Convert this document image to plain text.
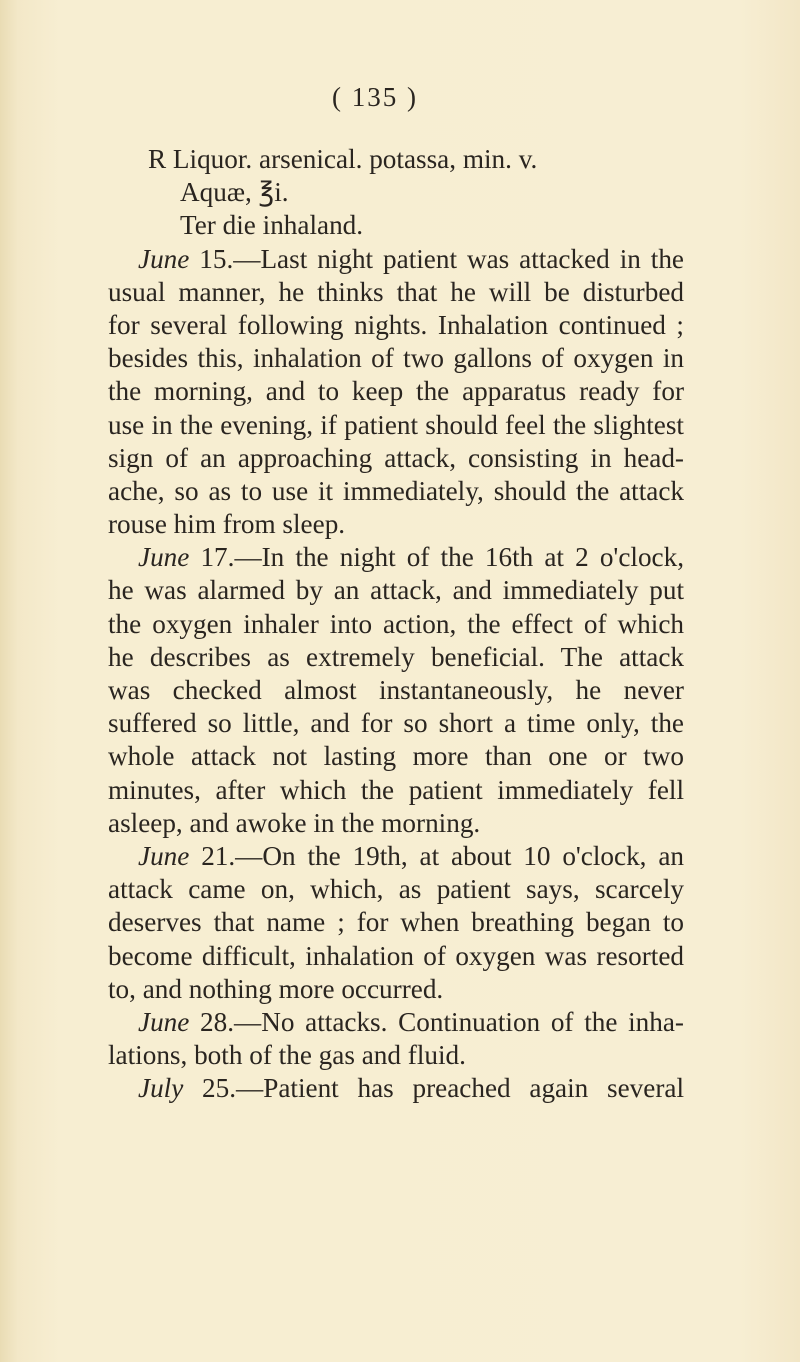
( 135 )
R Liquor. arsenical. potassa, min. v.
Aquæ, ℥i.
Ter die inhaland.
June 15.—Last night patient was attacked in the
usual manner, he thinks that he will be disturbed
for several following nights. Inhalation continued ;
besides this, inhalation of two gallons of oxygen in
the morning, and to keep the apparatus ready for
use in the evening, if patient should feel the slightest
sign of an approaching attack, consisting in head-
ache, so as to use it immediately, should the attack
rouse him from sleep.
June 17.—In the night of the 16th at 2 o'clock,
he was alarmed by an attack, and immediately put
the oxygen inhaler into action, the effect of which
he describes as extremely beneficial. The attack
was checked almost instantaneously, he never
suffered so little, and for so short a time only, the
whole attack not lasting more than one or two
minutes, after which the patient immediately fell
asleep, and awoke in the morning.
June 21.—On the 19th, at about 10 o'clock, an
attack came on, which, as patient says, scarcely
deserves that name ; for when breathing began to
become difficult, inhalation of oxygen was resorted
to, and nothing more occurred.
June 28.—No attacks. Continuation of the inha-
lations, both of the gas and fluid.
July 25.—Patient has preached again several
